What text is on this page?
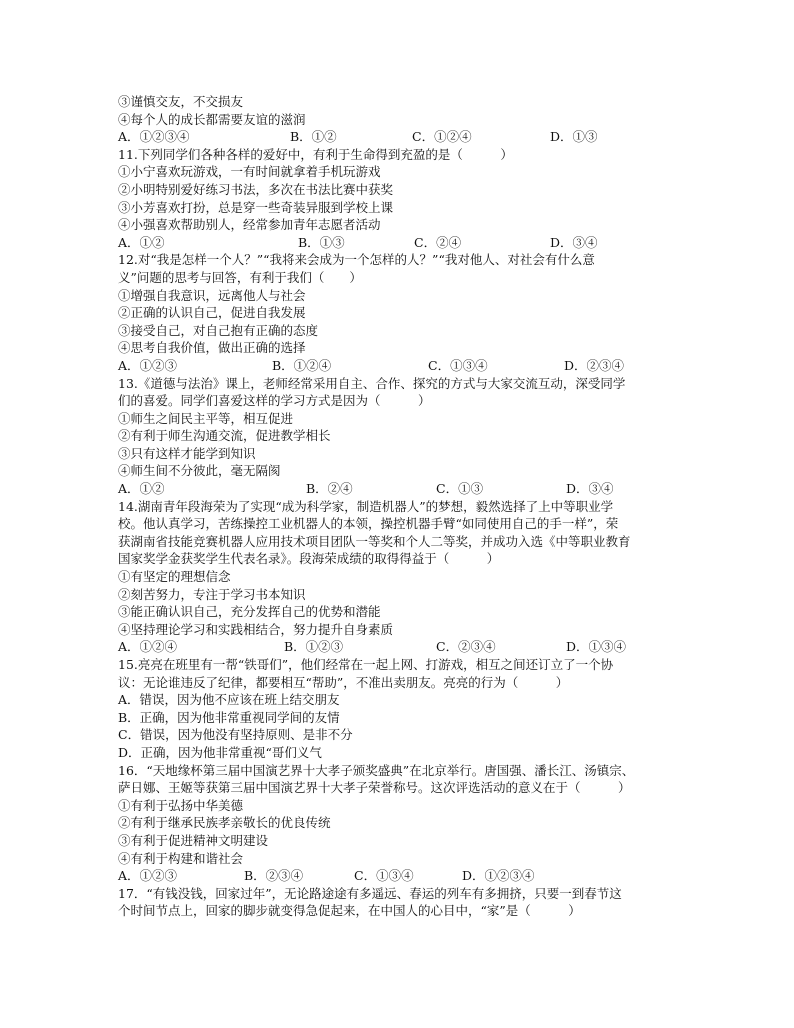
③谨慎交友，不交损友
④每个人的成长都需要友谊的滋润
A．①②③④	B．①②	C．①②④	D．①③
11.下列同学们各种各样的爱好中，有利于生命得到充盈的是（　　　）
①小宁喜欢玩游戏，一有时间就拿着手机玩游戏
②小明特别爱好练习书法，多次在书法比赛中获奖
③小芳喜欢打扮，总是穿一些奇装异服到学校上课
④小强喜欢帮助别人，经常参加青年志愿者活动
A．①②	B．①③	C．②④	D．③④
12.对“我是怎样一个人？”“我将来会成为一个怎样的人？”“我对他人、对社会有什么意
义”问题的思考与回答，有利于我们（　　）
①增强自我意识，远离他人与社会
②正确的认识自己，促进自我发展
③接受自己，对自己抱有正确的态度
④思考自我价值，做出正确的选择
A．①②③	B．①②④	C．①③④	D．②③④
13.《道德与法治》课上，老师经常采用自主、合作、探究的方式与大家交流互动，深受同学
们的喜爱。同学们喜爱这样的学习方式是因为（　　　）
①师生之间民主平等，相互促进
②有利于师生沟通交流，促进教学相长
③只有这样才能学到知识
④师生间不分彼此，毫无隔阂
A．①②	B．②④	C．①③	D．③④
14.湖南青年段海荣为了实现“成为科学家，制造机器人”的梦想，毅然选择了上中等职业学
校。他认真学习，苦练操控工业机器人的本领，操控机器手臂“如同使用自己的手一样”，荣
获湖南省技能竞赛机器人应用技术项目团队一等奖和个人二等奖，并成功入选《中等职业教育
国家奖学金获奖学生代表名录》。段海荣成绩的取得得益于（　　　）
①有坚定的理想信念
②刻苦努力，专注于学习书本知识
③能正确认识自己，充分发挥自己的优势和潜能
④坚持理论学习和实践相结合，努力提升自身素质
A．①②④	B．①②③	C．②③④	D．①③④
15.亮亮在班里有一帮“铁哥们”，他们经常在一起上网、打游戏，相互之间还订立了一个协
议：无论谁违反了纪律，都要相互“帮助”，不准出卖朋友。亮亮的行为（　　　）
A．错误，因为他不应该在班上结交朋友
B．正确，因为他非常重视同学间的友情
C．错误，因为他没有坚持原则、是非不分
D．正确，因为他非常重视“哥们义气
16．“天地缘杯第三届中国演艺界十大孝子颁奖盛典”在北京举行。唐国强、潘长江、汤镇宗、
萨日娜、王姬等获第三届中国演艺界十大孝子荣誉称号。这次评选活动的意义在于（　　　）
①有利于弘扬中华美德
②有利于继承民族孝亲敬长的优良传统
③有利于促进精神文明建设
④有利于构建和谐社会
A．①②③	B．②③④	C．①③④	D．①②③④
17．“有钱没钱，回家过年”，无论路途途有多遥远、春运的列车有多拥挤，只要一到春节这
个时间节点上，回家的脚步就变得急促起来，在中国人的心目中，“家”是（　　　）
